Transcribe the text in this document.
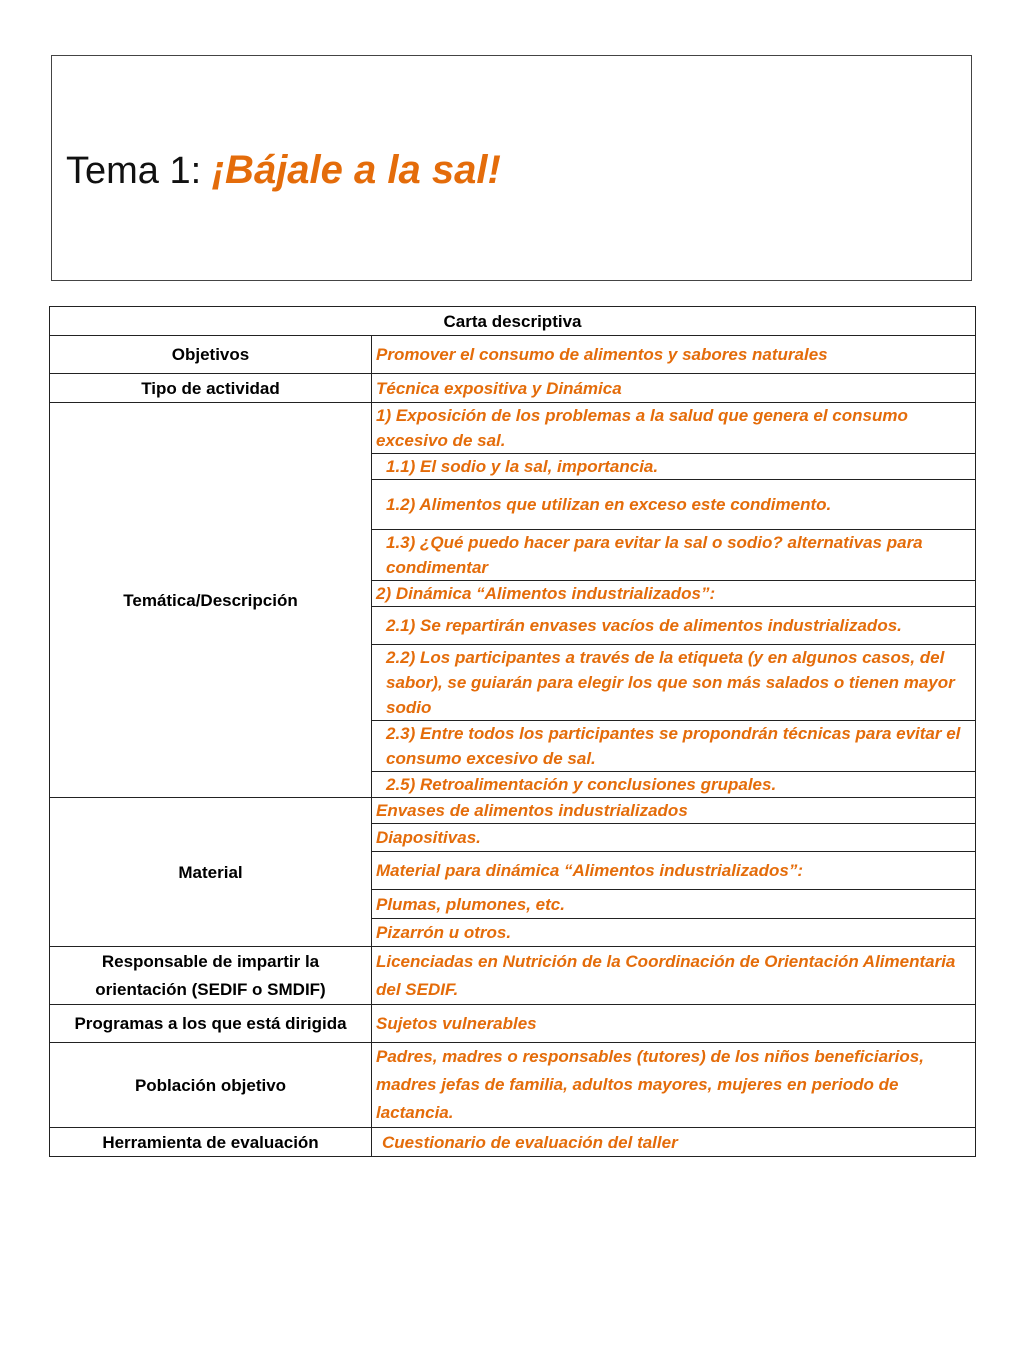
Tema 1: ¡Bájale a la sal!
Carta descriptiva	
Objetivos	Promover el consumo de alimentos y sabores naturales
Tipo de actividad	Técnica expositiva y Dinámica
Temática/Descripción	1) Exposición de los problemas a la salud que genera el consumo excesivo de sal.
	1.1) El sodio y la sal, importancia.
	1.2) Alimentos que utilizan en exceso este condimento.
	1.3) ¿Qué puedo hacer para evitar la sal o sodio? alternativas para condimentar
	2) Dinámica “Alimentos industrializados”:
	2.1) Se repartirán envases vacíos de alimentos industrializados.
	2.2) Los participantes a través de la etiqueta (y en algunos casos, del sabor), se guiarán para elegir los que son más salados o tienen mayor sodio
	2.3) Entre todos los participantes se propondrán técnicas para evitar el consumo excesivo de sal.
	2.5) Retroalimentación y conclusiones grupales.
Material	Envases de alimentos industrializados
	Diapositivas.
	Material para dinámica “Alimentos industrializados”:
	Plumas, plumones, etc.
	Pizarrón u otros.
Responsable de impartir la orientación (SEDIF o SMDIF)	Licenciadas en Nutrición de la Coordinación de Orientación Alimentaria del SEDIF.
Programas a los que está dirigida	Sujetos vulnerables
Población objetivo	Padres, madres o responsables (tutores) de los niños beneficiarios, madres jefas de familia, adultos mayores, mujeres en periodo de lactancia.
Herramienta de evaluación	Cuestionario de evaluación del taller
